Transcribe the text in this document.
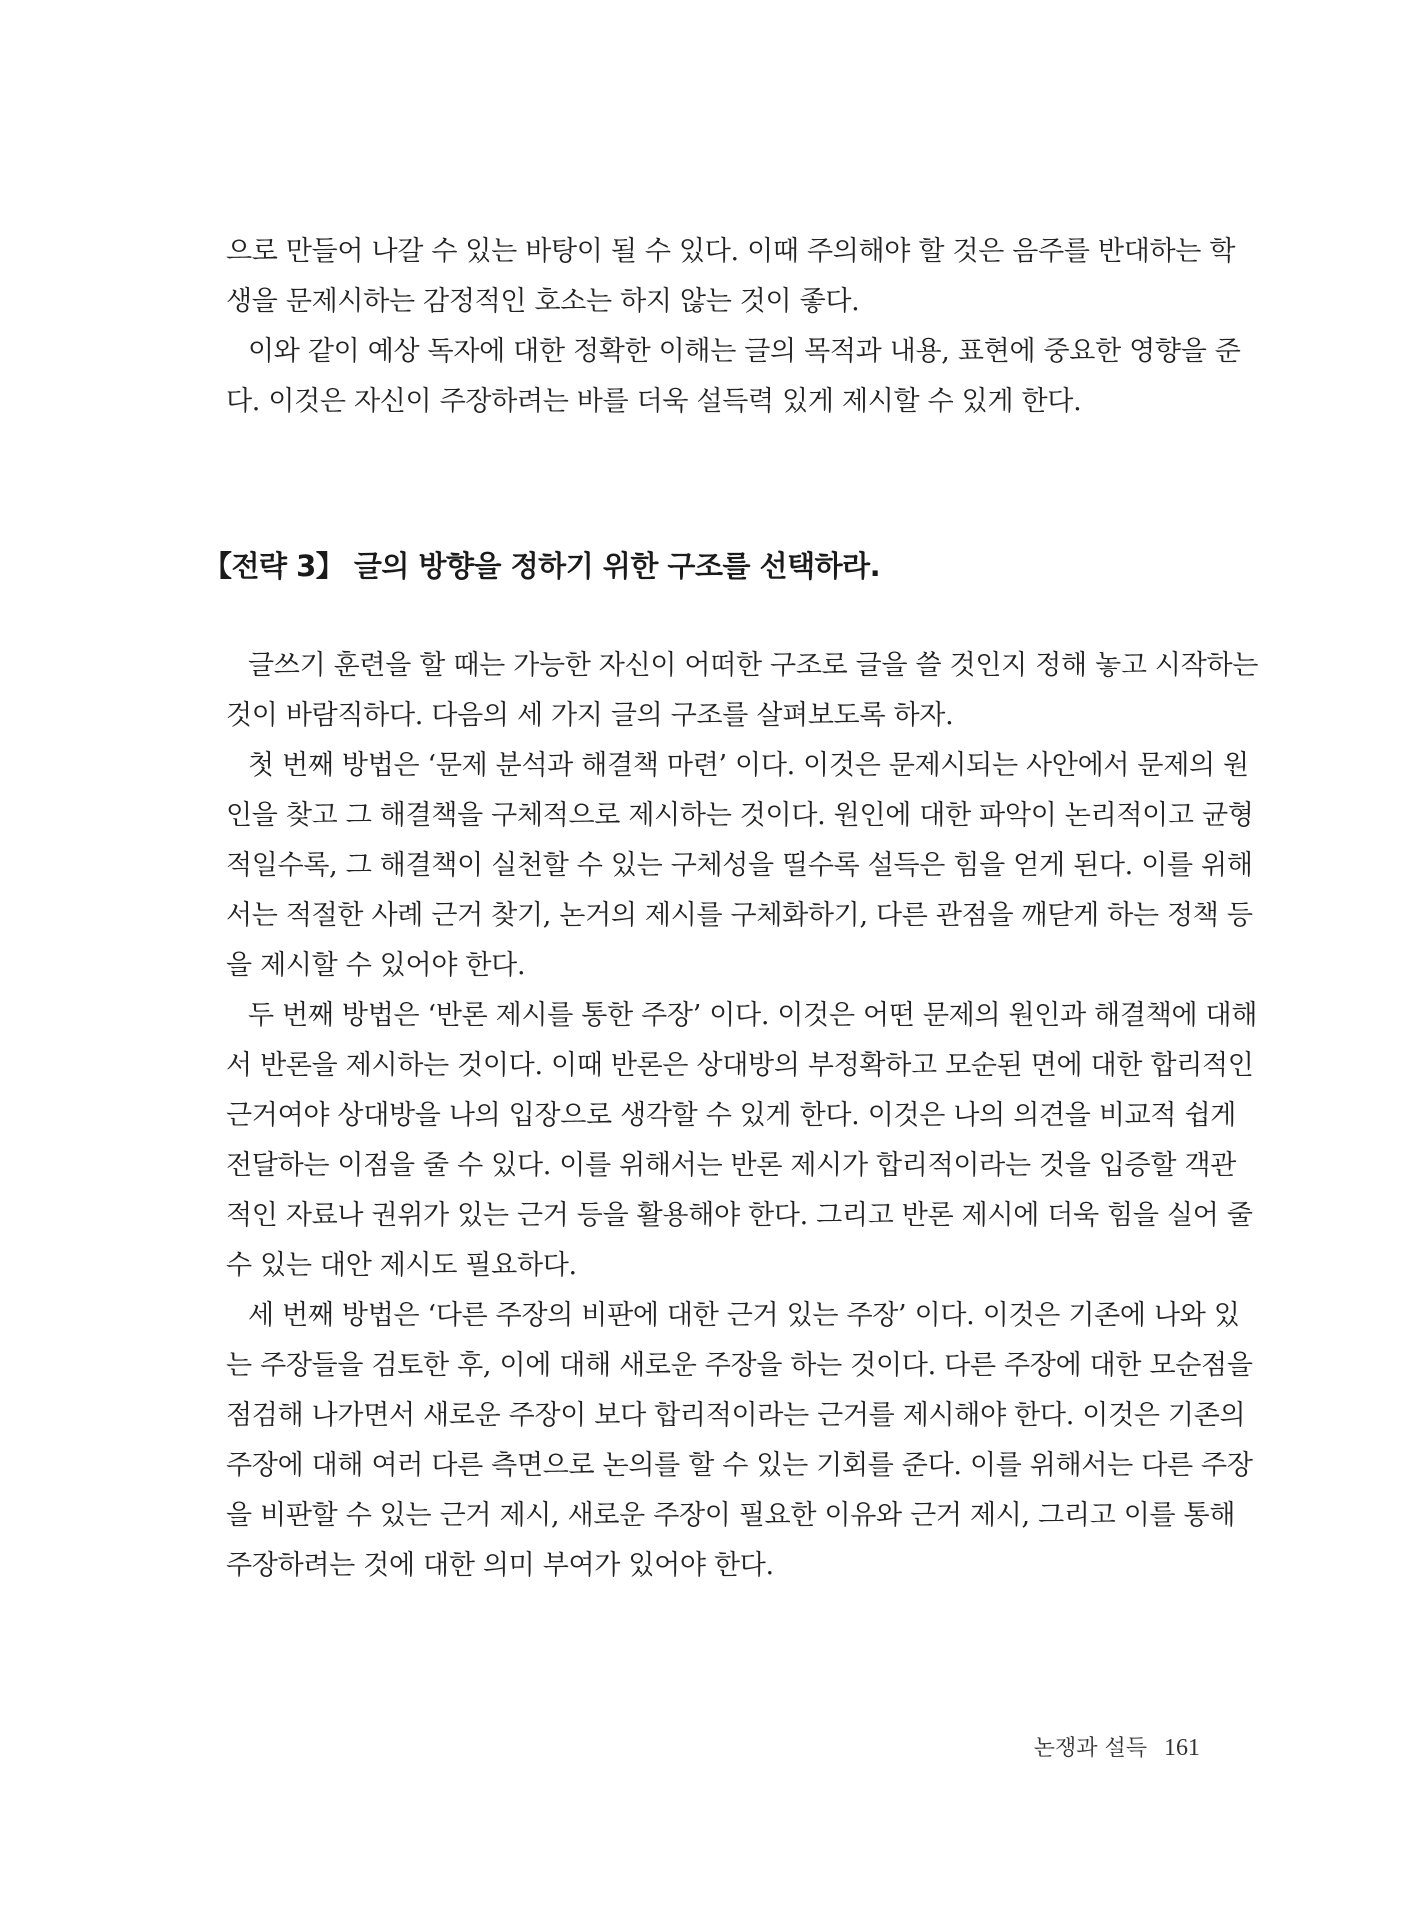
으로 만들어 나갈 수 있는 바탕이 될 수 있다. 이때 주의해야 할 것은 음주를 반대하는 학

생을 문제시하는 감정적인 호소는 하지 않는 것이 좋다.

이와 같이 예상 독자에 대한 정확한 이해는 글의 목적과 내용, 표현에 중요한 영향을 준

다. 이것은 자신이 주장하려는 바를 더욱 설득력 있게 제시할 수 있게 한다.

【전략 3】 글의 방향을 정하기 위한 구조를 선택하라.

글쓰기 훈련을 할 때는 가능한 자신이 어떠한 구조로 글을 쓸 것인지 정해 놓고 시작하는

것이 바람직하다. 다음의 세 가지 글의 구조를 살펴보도록 하자.

첫 번째 방법은 ‘문제 분석과 해결책 마련’ 이다. 이것은 문제시되는 사안에서 문제의 원

인을 찾고 그 해결책을 구체적으로 제시하는 것이다. 원인에 대한 파악이 논리적이고 균형

적일수록, 그 해결책이 실천할 수 있는 구체성을 띨수록 설득은 힘을 얻게 된다. 이를 위해

서는 적절한 사례 근거 찾기, 논거의 제시를 구체화하기, 다른 관점을 깨닫게 하는 정책 등

을 제시할 수 있어야 한다.

두 번째 방법은 ‘반론 제시를 통한 주장’ 이다. 이것은 어떤 문제의 원인과 해결책에 대해

서 반론을 제시하는 것이다. 이때 반론은 상대방의 부정확하고 모순된 면에 대한 합리적인

근거여야 상대방을 나의 입장으로 생각할 수 있게 한다. 이것은 나의 의견을 비교적 쉽게

전달하는 이점을 줄 수 있다. 이를 위해서는 반론 제시가 합리적이라는 것을 입증할 객관

적인 자료나 권위가 있는 근거 등을 활용해야 한다. 그리고 반론 제시에 더욱 힘을 실어 줄

수 있는 대안 제시도 필요하다.

세 번째 방법은 ‘다른 주장의 비판에 대한 근거 있는 주장’ 이다. 이것은 기존에 나와 있

는 주장들을 검토한 후, 이에 대해 새로운 주장을 하는 것이다. 다른 주장에 대한 모순점을

점검해 나가면서 새로운 주장이 보다 합리적이라는 근거를 제시해야 한다. 이것은 기존의

주장에 대해 여러 다른 측면으로 논의를 할 수 있는 기회를 준다. 이를 위해서는 다른 주장

을 비판할 수 있는 근거 제시, 새로운 주장이 필요한 이유와 근거 제시, 그리고 이를 통해

주장하려는 것에 대한 의미 부여가 있어야 한다.

논쟁과 설득 161
